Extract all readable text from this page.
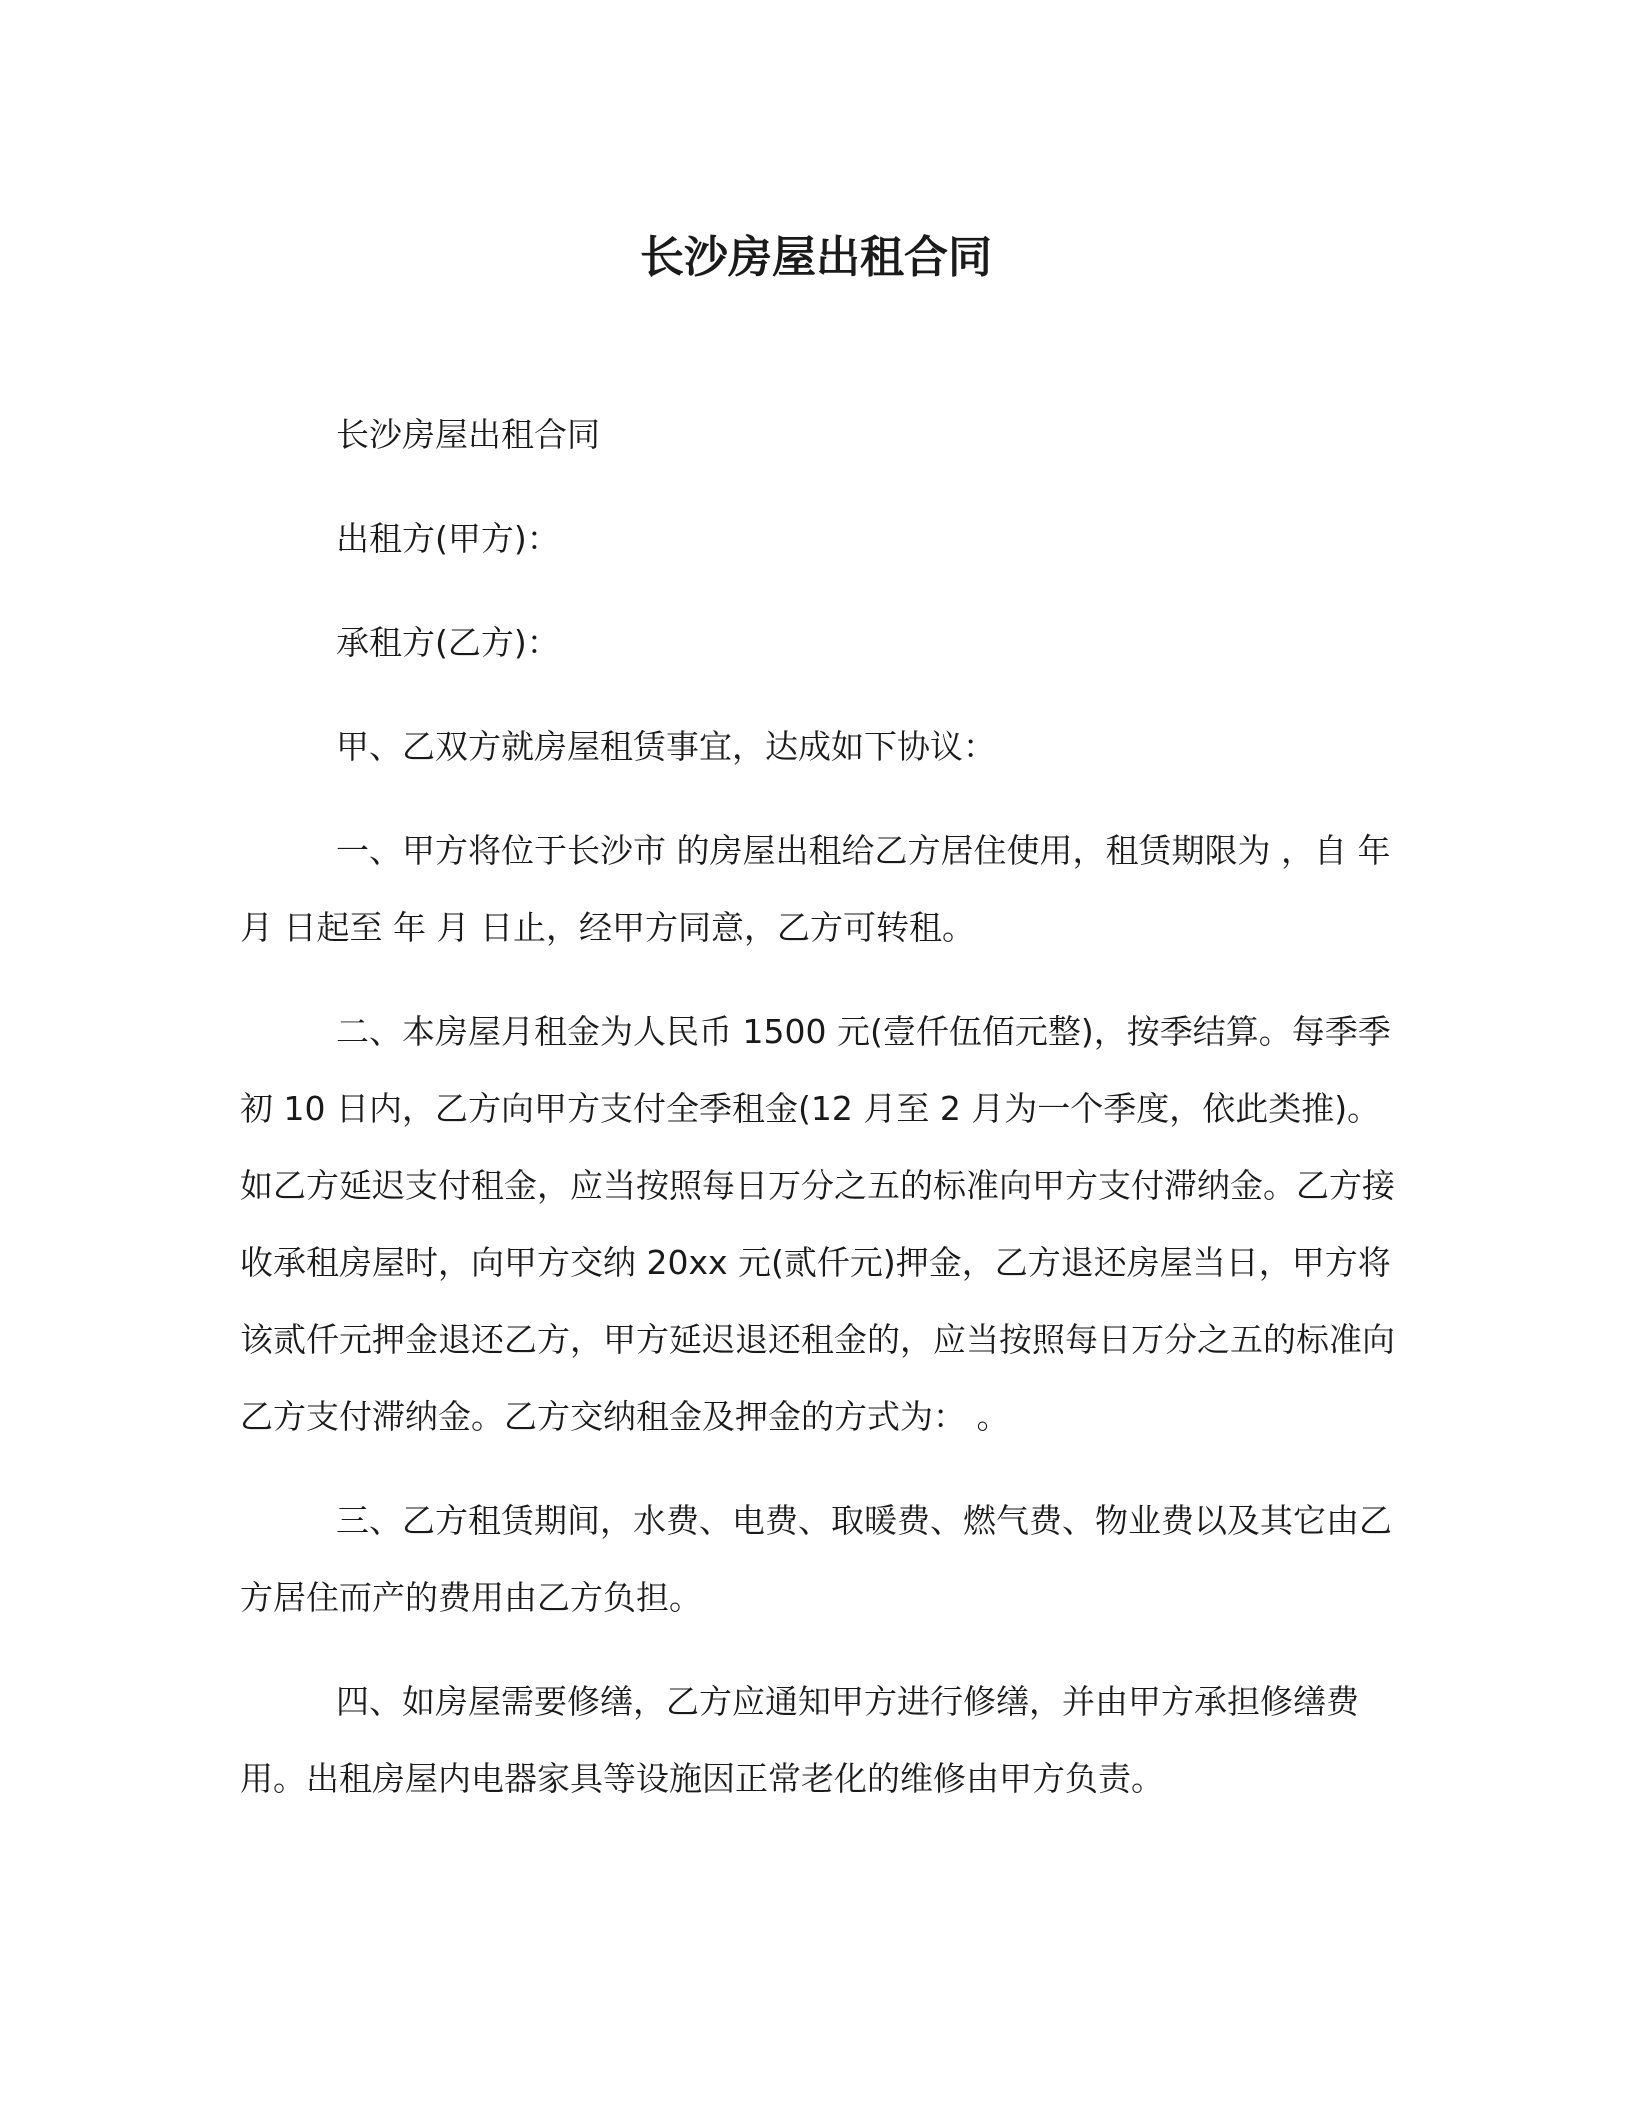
长沙房屋出租合同

长沙房屋出租合同

出租方(甲方)：

承租方(乙方)：

甲、乙双方就房屋租赁事宜，达成如下协议：

一、甲方将位于长沙市 的房屋出租给乙方居住使用，租赁期限为 ，自 年 月 日起至 年 月 日止，经甲方同意，乙方可转租。

二、本房屋月租金为人民币 1500 元(壹仟伍佰元整)，按季结算。每季季初 10 日内，乙方向甲方支付全季租金(12 月至 2 月为一个季度，依此类推)。如乙方延迟支付租金，应当按照每日万分之五的标准向甲方支付滞纳金。乙方接收承租房屋时，向甲方交纳 20xx 元(贰仟元)押金，乙方退还房屋当日，甲方将该贰仟元押金退还乙方，甲方延迟退还租金的，应当按照每日万分之五的标准向乙方支付滞纳金。乙方交纳租金及押金的方式为： 。

三、乙方租赁期间，水费、电费、取暖费、燃气费、物业费以及其它由乙方居住而产的费用由乙方负担。

四、如房屋需要修缮，乙方应通知甲方进行修缮，并由甲方承担修缮费用。出租房屋内电器家具等设施因正常老化的维修由甲方负责。
